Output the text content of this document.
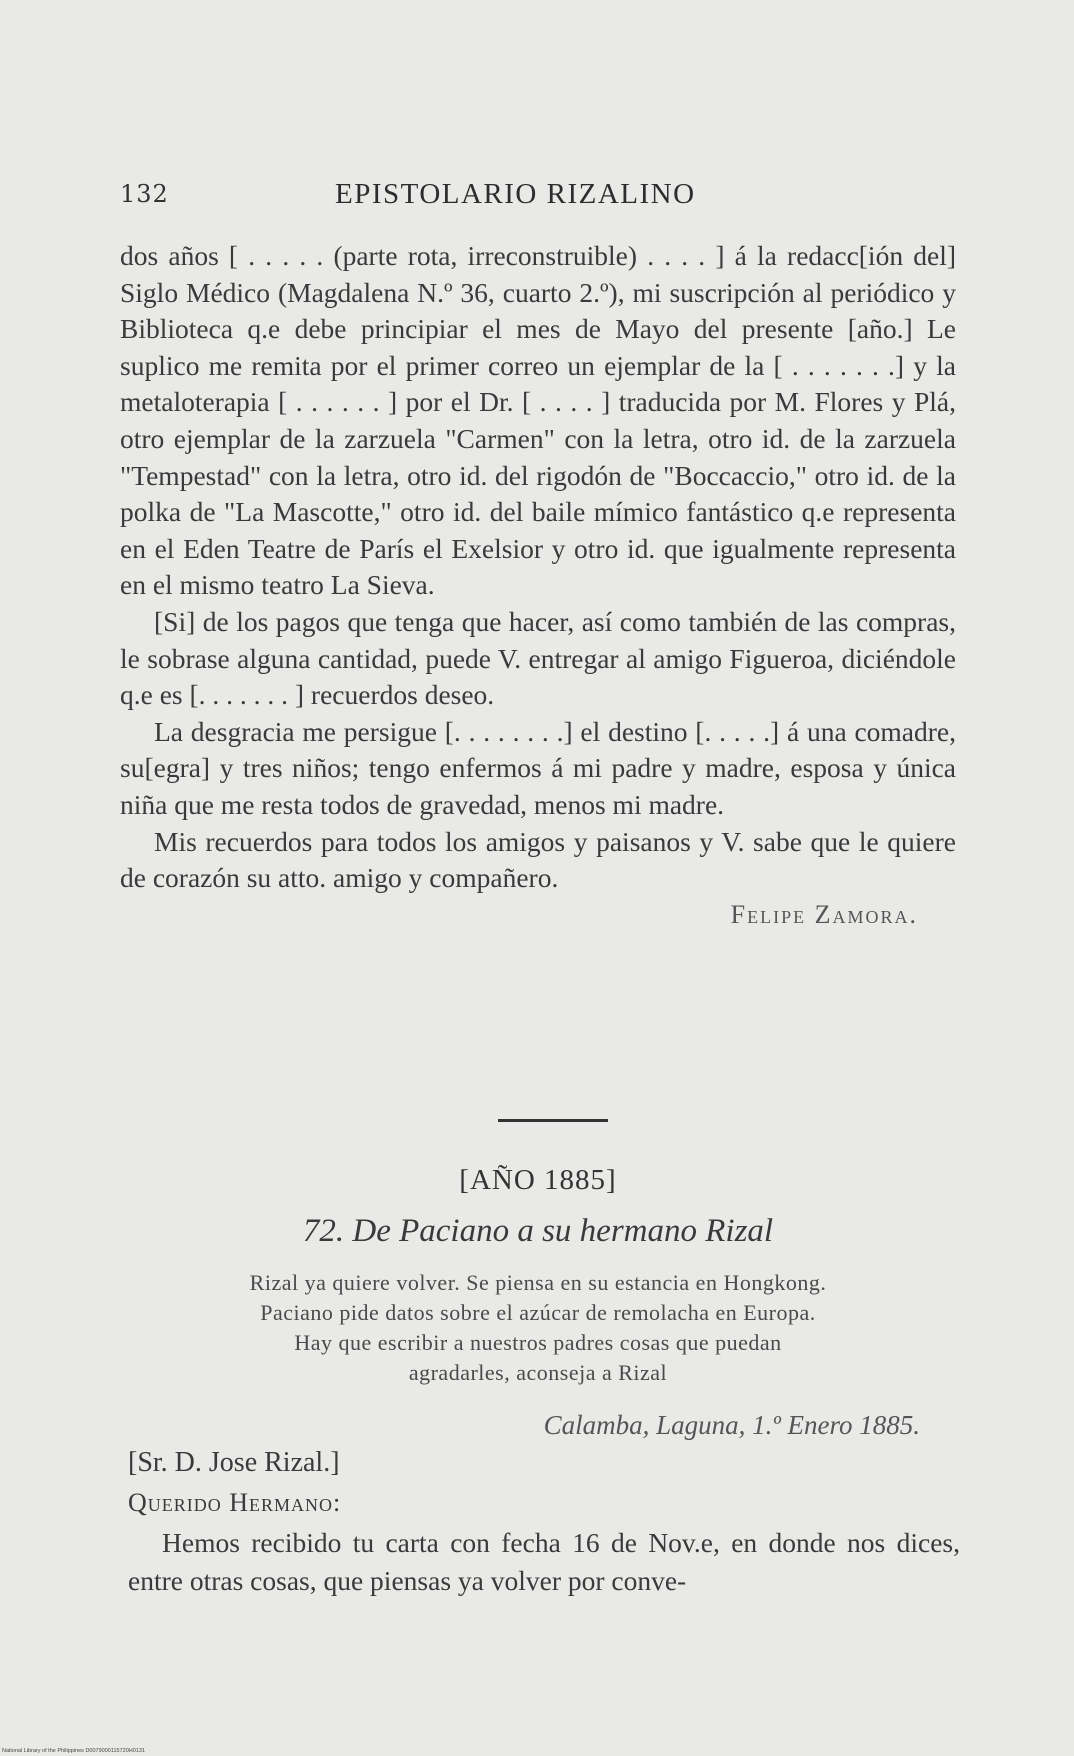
132	EPISTOLARIO RIZALINO

dos años [ . . . . . (parte rota, irreconstruible) . . . . ] á la redacc[ión del] Siglo Médico (Magdalena N.º 36, cuarto 2.º), mi suscripción al periódico y Biblioteca q.e debe principiar el mes de Mayo del presente [año.] Le suplico me remita por el primer correo un ejemplar de la [ . . . . . . .] y la metaloterapia [ . . . . . . ] por el Dr. [ . . . . ] traducida por M. Flores y Plá, otro ejemplar de la zarzuela "Carmen" con la letra, otro id. de la zarzuela "Tempestad" con la letra, otro id. del rigodón de "Boccaccio," otro id. de la polka de "La Mascotte," otro id. del baile mímico fantástico q.e representa en el Eden Teatre de París el Exelsior y otro id. que igualmente representa en el mismo teatro La Sieva.

[Si] de los pagos que tenga que hacer, así como también de las compras, le sobrase alguna cantidad, puede V. entregar al amigo Figueroa, diciéndole q.e es [. . . . . . . ] recuerdos deseo.

La desgracia me persigue [. . . . . . . .] el destino [. . . . .] á una comadre, su[egra] y tres niños; tengo enfermos á mi padre y madre, esposa y única niña que me resta todos de gravedad, menos mi madre.

Mis recuerdos para todos los amigos y paisanos y V. sabe que le quiere de corazón su atto. amigo y compañero.

Felipe Zamora.
[AÑO 1885]
72. De Paciano a su hermano Rizal
Rizal ya quiere volver. Se piensa en su estancia en Hongkong.
Paciano pide datos sobre el azúcar de remolacha en Europa.
Hay que escribir a nuestros padres cosas que puedan
agradarles, aconseja a Rizal
Calamba, Laguna, 1.º Enero 1885.
[Sr. D. Jose Rizal.]
Querido Hermano:

Hemos recibido tu carta con fecha 16 de Nov.e, en donde nos dices, entre otras cosas, que piensas ya volver por conve-

National Library of the Philippines D0079000115720H0131
